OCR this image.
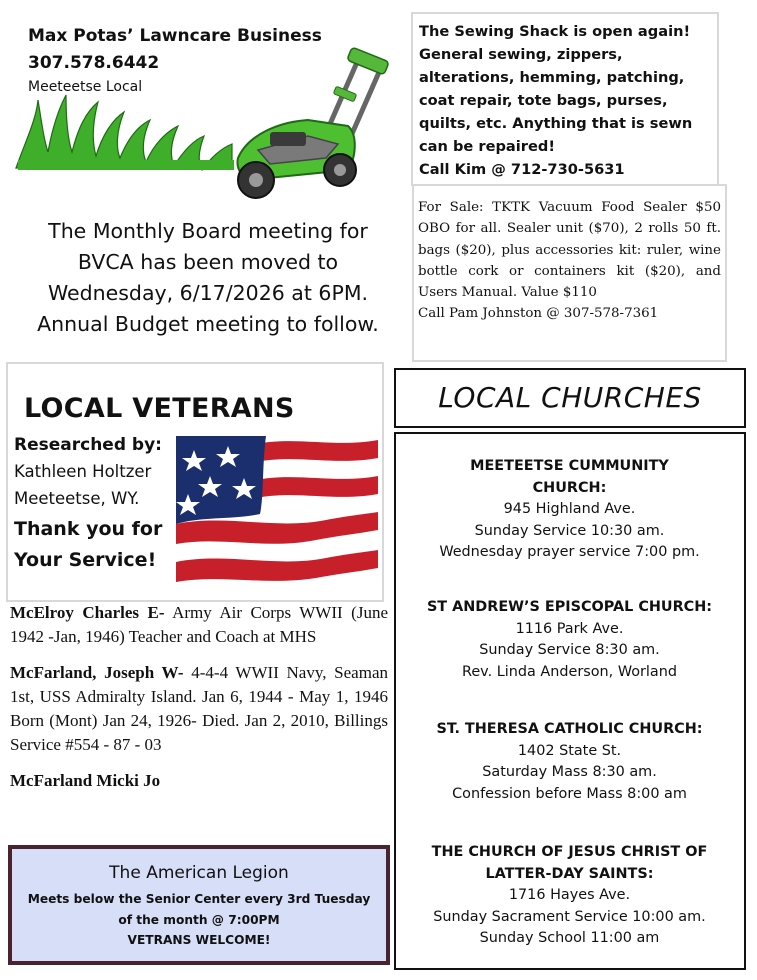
Max Potas’ Lawncare Business
307.578.6442
Meeteetse Local
The Monthly Board meeting for
BVCA has been moved to
Wednesday, 6/17/2026 at 6PM.
Annual Budget meeting to follow.
The Sewing Shack is open again!
General sewing, zippers,
alterations, hemming, patching,
coat repair, tote bags, purses,
quilts, etc. Anything that is sewn
can be repaired!
Call Kim @ 712-730-5631
For Sale: TKTK Vacuum Food Sealer $50 OBO for all. Sealer unit ($70), 2 rolls 50 ft. bags ($20), plus accessories kit: ruler, wine bottle cork or containers kit ($20), and Users Manual. Value $110
Call Pam Johnston @ 307-578-7361
LOCAL VETERANS
Researched by:
Kathleen Holtzer
Meeteetse, WY.
Thank you for
Your Service!
McElroy Charles E- Army Air Corps WWII (June 1942 -Jan, 1946) Teacher and Coach at MHS
McFarland, Joseph W- 4-4-4 WWII Navy, Seaman 1st, USS Admiralty Island. Jan 6, 1944 - May 1, 1946 Born (Mont) Jan 24, 1926- Died. Jan 2, 2010, Billings Service #554 - 87 - 03
McFarland Micki Jo
The American Legion
Meets below the Senior Center every 3rd Tuesday
of the month @ 7:00PM
VETRANS WELCOME!
LOCAL CHURCHES
MEETEETSE CUMMUNITY
CHURCH:
945 Highland Ave.
Sunday Service 10:30 am.
Wednesday prayer service 7:00 pm.
ST ANDREW’S EPISCOPAL CHURCH:
1116 Park Ave.
Sunday Service 8:30 am.
Rev. Linda Anderson, Worland
ST. THERESA CATHOLIC CHURCH:
1402 State St.
Saturday Mass 8:30 am.
Confession before Mass 8:00 am
THE CHURCH OF JESUS CHRIST OF
LATTER-DAY SAINTS:
1716 Hayes Ave.
Sunday Sacrament Service 10:00 am.
Sunday School 11:00 am
